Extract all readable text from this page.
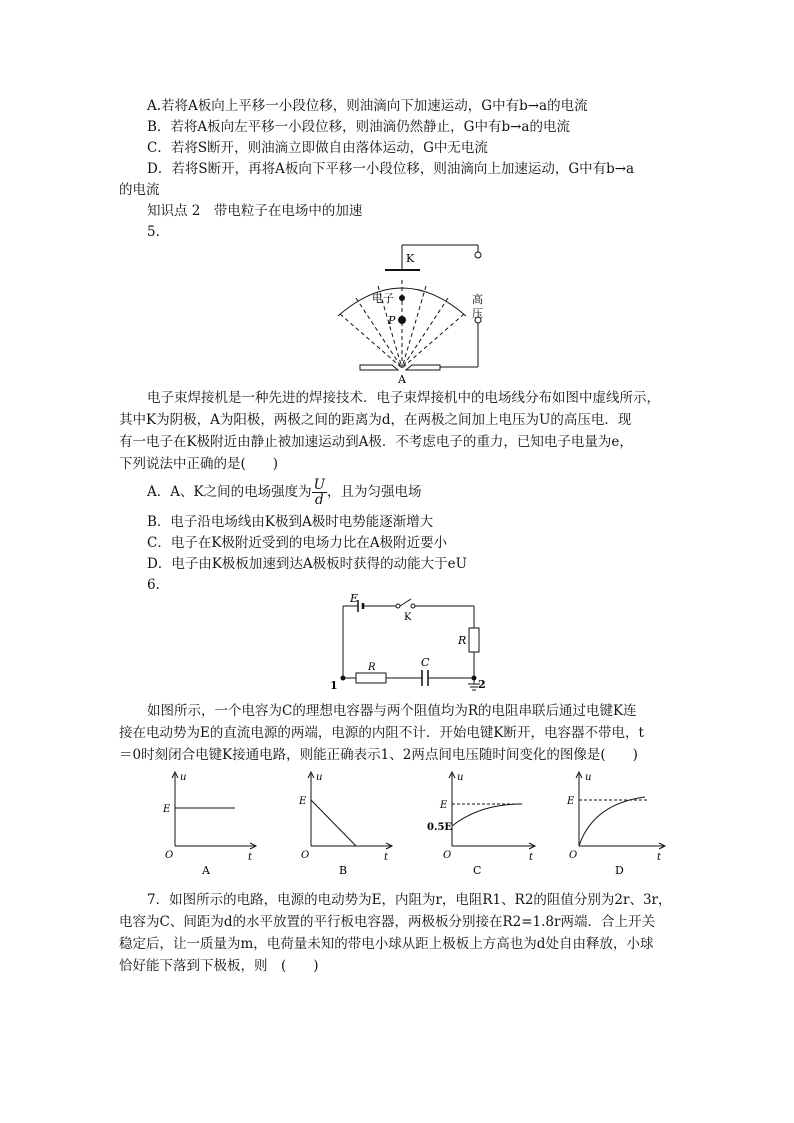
A.若将A板向上平移一小段位移，则油滴向下加速运动，G中有b→a的电流
B．若将A板向左平移一小段位移，则油滴仍然静止，G中有b→a的电流
C．若将S断开，则油滴立即做自由落体运动，G中无电流
D．若将S断开，再将A板向下平移一小段位移，则油滴向上加速运动，G中有b→a
的电流
知识点 2　带电粒子在电场中的加速
5.
K
电子
P
A
高
压
电子束焊接机是一种先进的焊接技术．电子束焊接机中的电场线分布如图中虚线所示，
其中K为阴极，A为阳极，两极之间的距离为d，在两极之间加上电压为U的高压电．现
有一电子在K极附近由静止被加速运动到A极．不考虑电子的重力，已知电子电量为e，
下列说法中正确的是(　　)
A．A、K之间的电场强度为 $\frac{U}{d}$ ，且为匀强电场
B．电子沿电场线由K极到A极时电势能逐渐增大
C．电子在K极附近受到的电场力比在A极附近要小
D．电子由K极板加速到达A极板时获得的动能大于eU
6.
E
K
R
R	C
1	2
如图所示，一个电容为C的理想电容器与两个阻值均为R的电阻串联后通过电键K连
接在电动势为E的直流电源的两端，电源的内阻不计．开始电键K断开，电容器不带电，t
＝0时刻闭合电键K接通电路，则能正确表示1、2两点间电压随时间变化的图像是(　　)
u
E
O	t
A
u
E
O	t
B
u
E
0.5E
O	t
C
u
E
O	t
D
7．如图所示的电路，电源的电动势为E，内阻为r，电阻R1、R2的阻值分别为2r、3r，
电容为C、间距为d的水平放置的平行板电容器，两极板分别接在R2=1.8r两端．合上开关
稳定后，让一质量为m，电荷量未知的带电小球从距上极板上方高也为d处自由释放，小球
恰好能下落到下极板，则　(　　)
